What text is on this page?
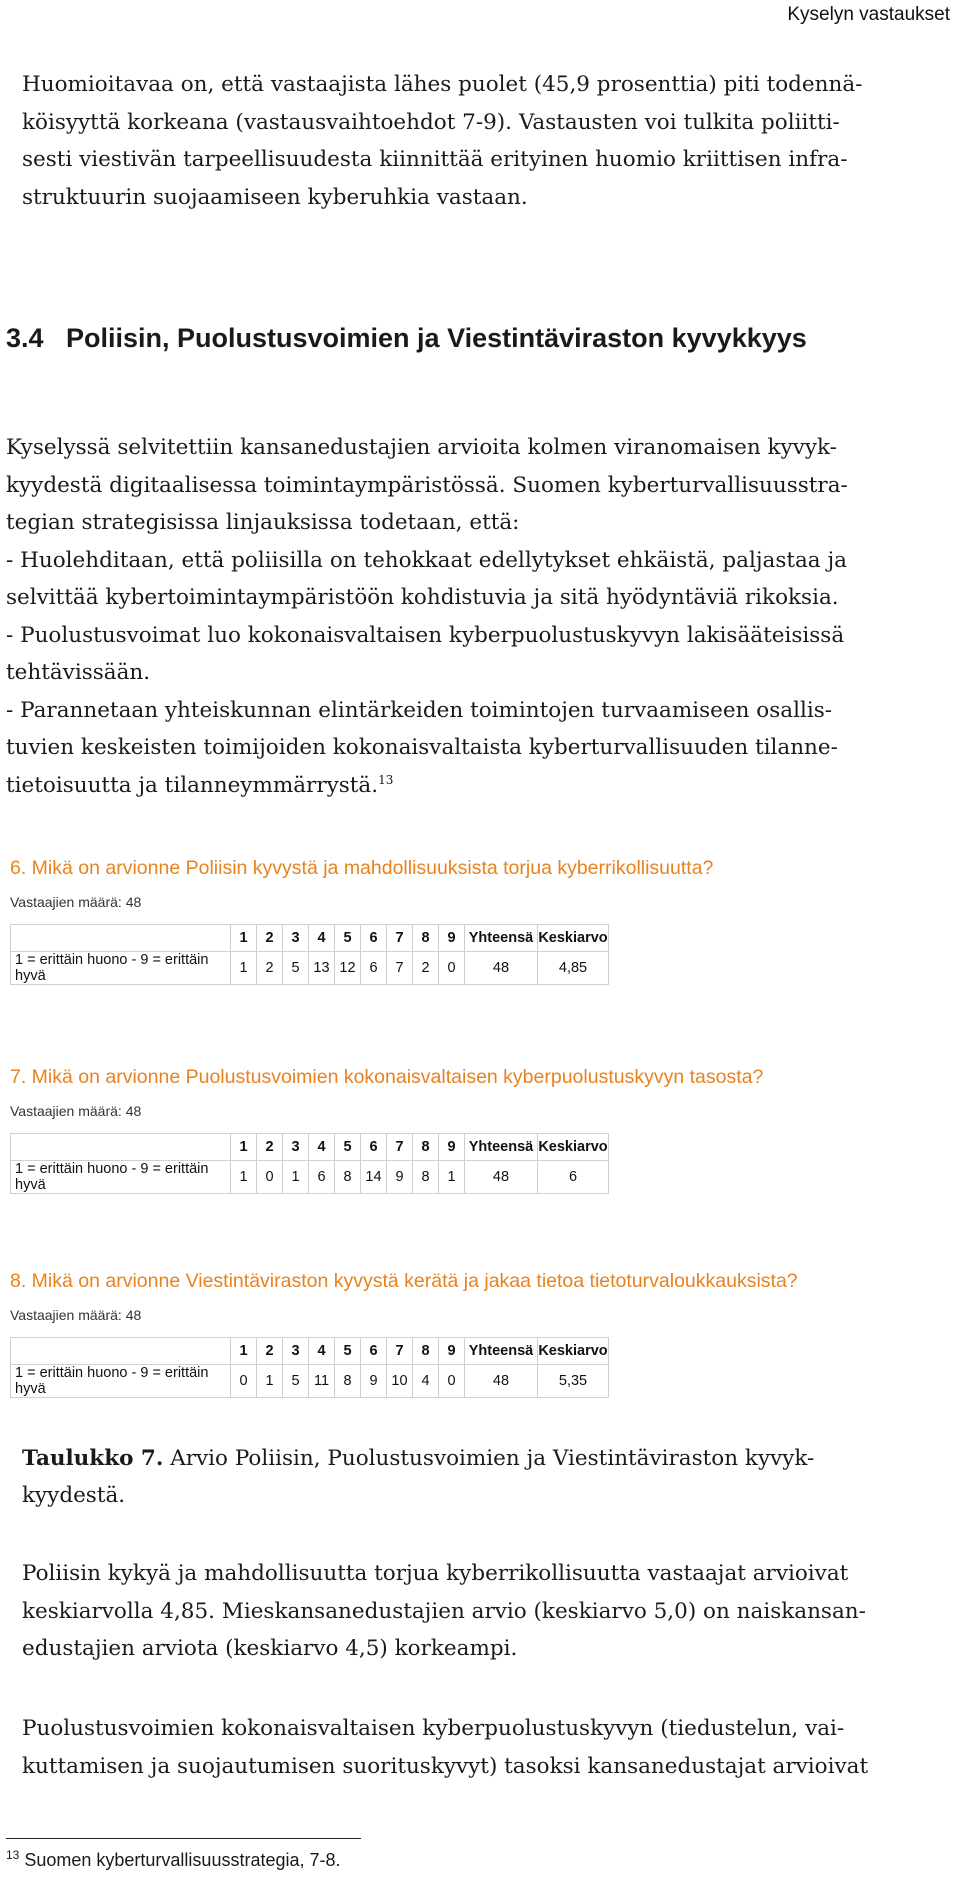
Kyselyn vastaukset

Huomioitavaa on, että vastaajista lähes puolet (45,9 prosenttia) piti todennä-
köisyyttä korkeana (vastausvaihtoehdot 7-9). Vastausten voi tulkita poliitti-
sesti viestivän tarpeellisuudesta kiinnittää erityinen huomio kriittisen infra-
struktuurin suojaamiseen kyberuhkia vastaan.

3.4 Poliisin, Puolustusvoimien ja Viestintäviraston kyvykkyys

Kyselyssä selvitettiin kansanedustajien arvioita kolmen viranomaisen kyvyk-
kyydestä digitaalisessa toimintaympäristössä. Suomen kyberturvallisuusstra-
tegian strategisissa linjauksissa todetaan, että:
- Huolehditaan, että poliisilla on tehokkaat edellytykset ehkäistä, paljastaa ja
selvittää kybertoimintaympäristöön kohdistuvia ja sitä hyödyntäviä rikoksia.
- Puolustusvoimat luo kokonaisvaltaisen kyberpuolustuskyvyn lakisääteisissä
tehtävissään.
- Parannetaan yhteiskunnan elintärkeiden toimintojen turvaamiseen osallis-
tuvien keskeisten toimijoiden kokonaisvaltaista kyberturvallisuuden tilanne-
tietoisuutta ja tilanneymmärrystä.$^{13}$

6. Mikä on arvionne Poliisin kyvystä ja mahdollisuuksista torjua kyberrikollisuutta?
Vastaajien määrä: 48
	1	2	3	4	5	6	7	8	9	Yhteensä	Keskiarvo
1 = erittäin huono - 9 = erittäin hyvä	1	2	5	13	12	6	7	2	0	48	4,85
7. Mikä on arvionne Puolustusvoimien kokonaisvaltaisen kyberpuolustuskyvyn tasosta?
Vastaajien määrä: 48
	1	2	3	4	5	6	7	8	9	Yhteensä	Keskiarvo
1 = erittäin huono - 9 = erittäin hyvä	1	0	1	6	8	14	9	8	1	48	6
8. Mikä on arvionne Viestintäviraston kyvystä kerätä ja jakaa tietoa tietoturvaloukkauksista?
Vastaajien määrä: 48
	1	2	3	4	5	6	7	8	9	Yhteensä	Keskiarvo
1 = erittäin huono - 9 = erittäin hyvä	0	1	5	11	8	9	10	4	0	48	5,35
Taulukko 7. Arvio Poliisin, Puolustusvoimien ja Viestintäviraston kyvyk-
kyydestä.

Poliisin kykyä ja mahdollisuutta torjua kyberrikollisuutta vastaajat arvioivat
keskiarvolla 4,85. Mieskansanedustajien arvio (keskiarvo 5,0) on naiskansan-
edustajien arviota (keskiarvo 4,5) korkeampi.

Puolustusvoimien kokonaisvaltaisen kyberpuolustuskyvyn (tiedustelun, vai-
kuttamisen ja suojautumisen suorituskyvyt) tasoksi kansanedustajat arvioivat

$^{13}$ Suomen kyberturvallisuusstrategia, 7-8.
